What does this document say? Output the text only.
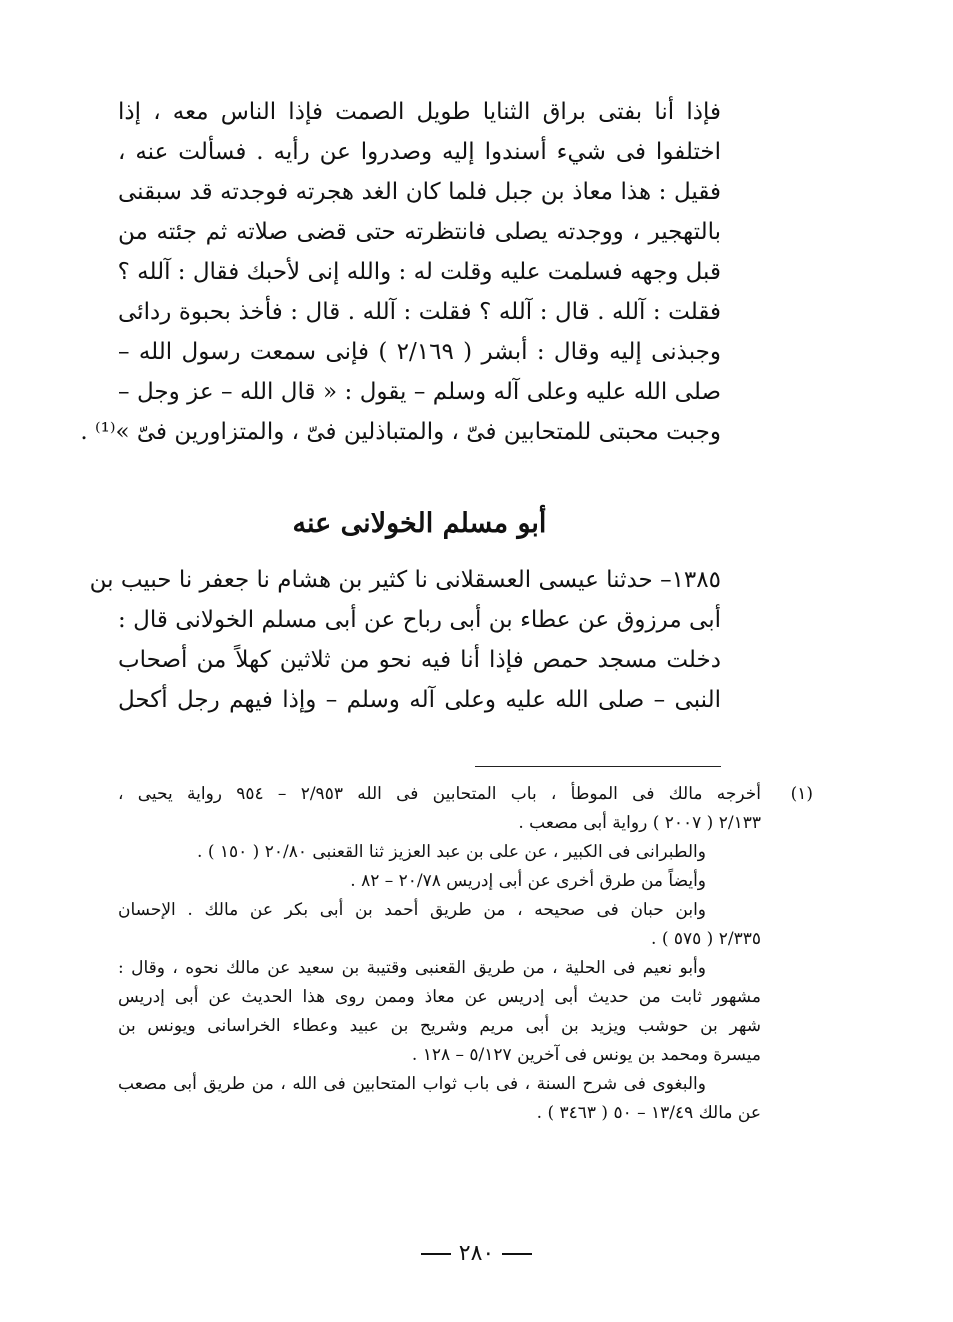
فإذا أنا بفتى براق الثنايا طويل الصمت فإذا الناس معه ، إذا
اختلفوا فى شيء أسندوا إليه وصدروا عن رأيه . فسألت عنه ،
فقيل : هذا معاذ بن جبل فلما كان الغد هجرته فوجدته قد سبقنى
بالتهجير ، ووجدته يصلى فانتظرته حتى قضى صلاته ثم جئته من
قبل وجهه فسلمت عليه وقلت له : والله إنى لأحبك فقال : آلله ؟
فقلت : آلله . قال : آلله ؟ فقلت : آلله . قال : فأخذ بحبوة ردائى
وجبذنى إليه وقال : أبشر ( ٢/١٦٩ ) فإنى سمعت رسول الله –
صلى الله عليه وعلى آله وسلم – يقول : « قال الله – عز وجل –
وجبت محبتى للمتحابين فىّ ، والمتباذلين فىّ ، والمتزاورين فىّ »⁽¹⁾ .
أبو مسلم الخولانى عنه
١٣٨٥– حدثنا عيسى العسقلانى نا كثير بن هشام نا جعفر نا حبيب بن
أبى مرزوق عن عطاء بن أبى رباح عن أبى مسلم الخولانى قال :
دخلت مسجد حمص فإذا أنا فيه نحو من ثلاثين كهلاً من أصحاب
النبى – صلى الله عليه وعلى آله وسلم – وإذا فيهم رجل أكحل
(١)
أخرجه مالك فى الموطأ ، باب المتحابين فى الله ٢/٩٥٣ – ٩٥٤ رواية يحيى ،
٢/١٣٣ ( ٢٠٠٧ ) رواية أبى مصعب .
والطبرانى فى الكبير ، عن على بن عبد العزيز ثنا القعنبى ٢٠/٨٠ ( ١٥٠ ) .
وأيضاً من طرق أخرى عن أبى إدريس ٢٠/٧٨ – ٨٢ .
وابن حبان فى صحيحه ، من طريق أحمد بن أبى بكر عن مالك . الإحسان
٢/٣٣٥ ( ٥٧٥ ) .
وأبو نعيم فى الحلية ، من طريق القعنبى وقتيبة بن سعيد عن مالك نحوه ، وقال :
مشهور ثابت من حديث أبى إدريس عن معاذ وممن روى هذا الحديث عن أبى إدريس
شهر بن حوشب ويزيد بن أبى مريم وشريح بن عبيد وعطاء الخراسانى ويونس بن
ميسرة ومحمد بن يونس فى آخرين ٥/١٢٧ – ١٢٨ .
والبغوى فى شرح السنة ، فى باب ثواب المتحابين فى الله ، من طريق أبى مصعب
عن مالك ١٣/٤٩ – ٥٠ ( ٣٤٦٣ ) .
٢٨٠
